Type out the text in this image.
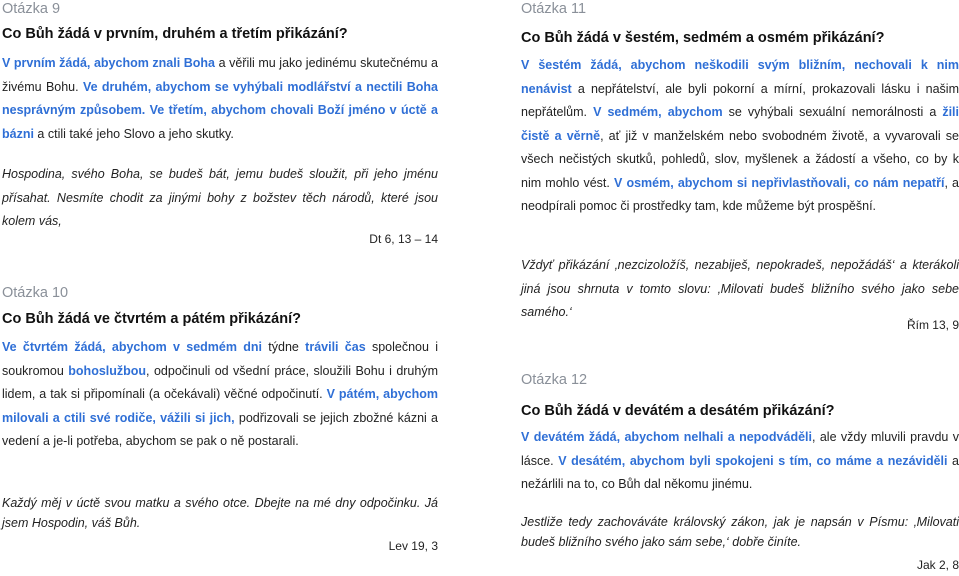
Otázka 9

Co Bůh žádá v prvním, druhém a třetím přikázání?

V prvním žádá, abychom znali Boha a věřili mu jako jedinému skutečnému a živému Bohu. Ve druhém, abychom se vyhýbali modlářství a nectili Boha nesprávným způsobem. Ve třetím, abychom chovali Boží jméno v úctě a bázni a ctili také jeho Slovo a jeho skutky.

Hospodina, svého Boha, se budeš bát, jemu budeš sloužit, při jeho jménu přísahat. Nesmíte chodit za jinými bohy z božstev těch národů, které jsou kolem vás,

Dt 6, 13 – 14

Otázka 10

Co Bůh žádá ve čtvrtém a pátém přikázání?

Ve čtvrtém žádá, abychom v sedmém dni týdne trávili čas společnou i soukromou bohoslužbou, odpočinuli od všední práce, sloužili Bohu i druhým lidem, a tak si připomínali (a očekávali) věčné odpočinutí. V pátém, abychom milovali a ctili své rodiče, vážili si jich, podřizovali se jejich zbožné kázni a vedení a je-li potřeba, abychom se pak o ně postarali.

Každý měj v úctě svou matku a svého otce. Dbejte na mé dny odpočinku. Já jsem Hospodin, váš Bůh.

Lev 19, 3

Otázka 11

Co Bůh žádá v šestém, sedmém a osmém přikázání?

V šestém žádá, abychom neškodili svým bližním, nechovali k nim nenávist a nepřátelství, ale byli pokorní a mírní, prokazovali lásku i našim nepřátelům. V sedmém, abychom se vyhýbali sexuální nemorálnosti a žili čistě a věrně, ať již v manželském nebo svobodném životě, a vyvarovali se všech nečistých skutků, pohledů, slov, myšlenek a žádostí a všeho, co by k nim mohlo vést. V osmém, abychom si nepřivlastňovali, co nám nepatří, a neodpírali pomoc či prostředky tam, kde můžeme být prospěšní.

Vždyť přikázání ‚nezcizoložíš, nezabiješ, nepokradeš, nepožádáš‘ a kterákoli jiná jsou shrnuta v tomto slovu: ‚Milovati budeš bližního svého jako sebe samého.‘

Řím 13, 9

Otázka 12

Co Bůh žádá v devátém a desátém přikázání?

V devátém žádá, abychom nelhali a nepodváděli, ale vždy mluvili pravdu v lásce. V desátém, abychom byli spokojeni s tím, co máme a nezáviděli a nežárlili na to, co Bůh dal někomu jinému.

Jestliže tedy zachováváte královský zákon, jak je napsán v Písmu: ‚Milovati budeš bližního svého jako sám sebe,‘ dobře činíte.

Jak 2, 8
